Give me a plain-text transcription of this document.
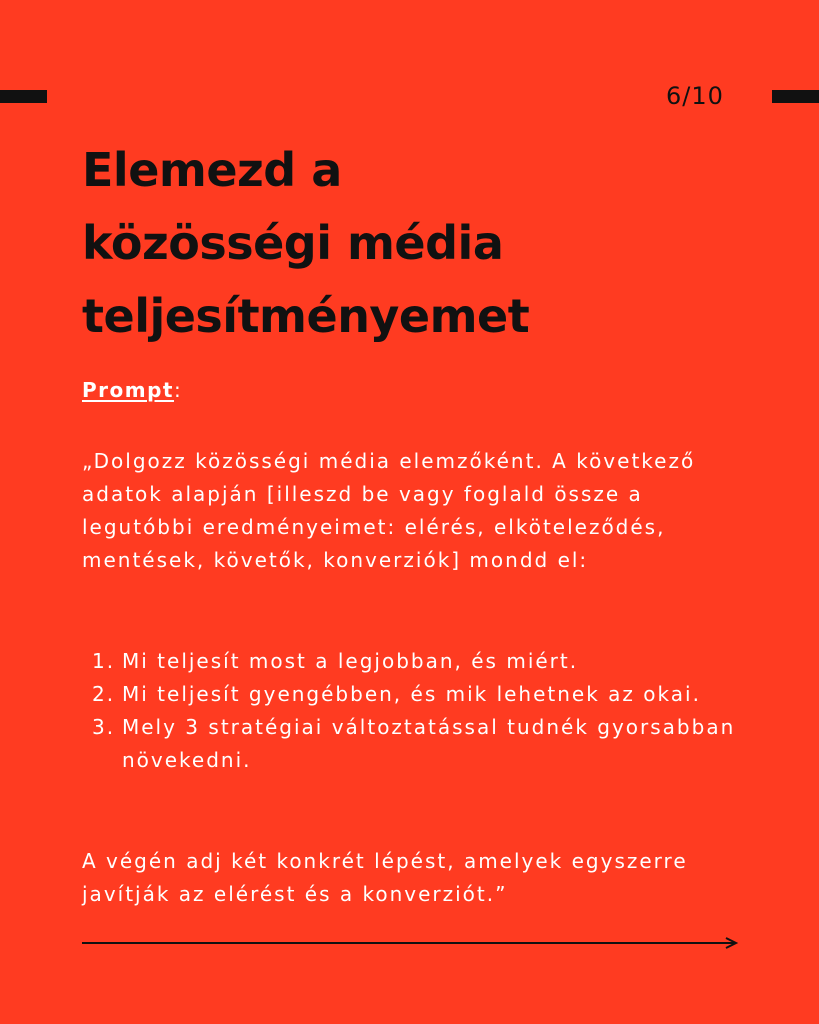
6/10
Elemezd a
közösségi média
teljesítményemet
Prompt:

„Dolgozz közösségi média elemzőként. A következő adatok alapján [illeszd be vagy foglald össze a legutóbbi eredményeimet: elérés, elköteleződés, mentések, követők, konverziók] mondd el:

1. Mi teljesít most a legjobban, és miért.
2. Mi teljesít gyengébben, és mik lehetnek az okai.
3. Mely 3 stratégiai változtatással tudnék gyorsabban növekedni.

A végén adj két konkrét lépést, amelyek egyszerre javítják az elérést és a konverziót.”
